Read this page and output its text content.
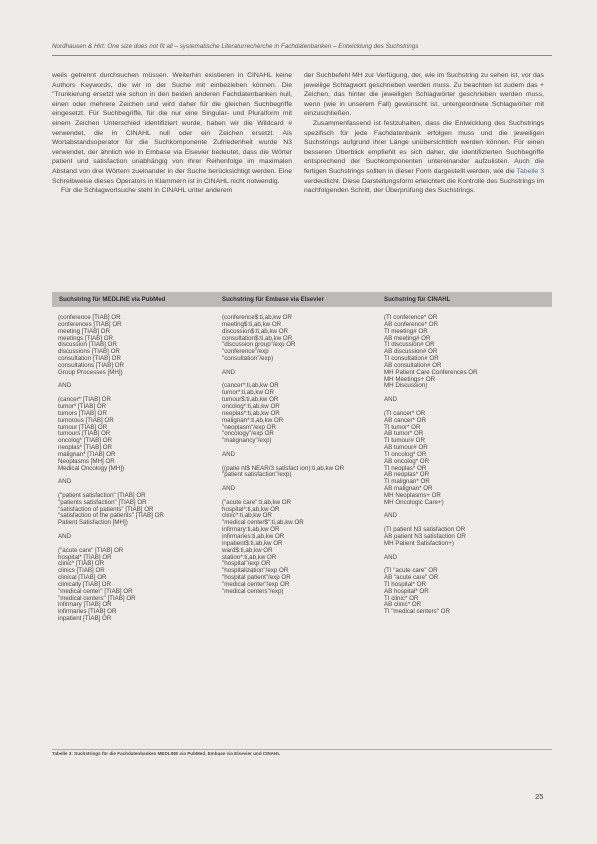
Nordhausen & Hirt: One size does not fit all – systematische Literaturrecherche in Fachdatenbanken – Entwicklung des Suchstrings

weils getrennt durchsuchen müssen. Weiterhin existieren in CINAHL keine Authors Keywords, die wir in der Suche mit einbeziehen können. Die "Trunkierung ersetzt wie schon in den beiden anderen Fachdatenbanken null, einen oder mehrere Zeichen und wird daher für die gleichen Suchbegriffe eingesetzt. Für Suchbegriffe, für die nur eine Singular- und Pluralform mit einem Zeichen Unterschied identifiziert wurde, haben wir die Wildcard # verwendet, die in CINAHL null oder ein Zeichen ersetzt. Als Wortabstandsoperator für die Suchkomponente Zufriedenheit wurde N3 verwendet, der ähnlich wie in Embase via Elsevier bedeutet, dass die Wörter patient und satisfaction unabhängig von ihrer Reihenfolge im maximalen Abstand von drei Wörtern zueinander in der Suche berücksichtigt werden. Eine Schreibweise dieses Operators in Klammern ist in CINAHL nicht notwendig.

Für die Schlagwortsuche steht in CINAHL unter anderem

der Suchbefehl MH zur Verfügung, der, wie im Suchstring zu sehen ist, vor das jeweilige Schlagwort geschrieben werden muss. Zu beachten ist zudem das + Zeichen, das hinter die jeweiligen Schlagwörter geschrieben werden muss, wenn (wie in unserem Fall) gewünscht ist, untergeordnete Schlagwörter mit einzuschließen.

Zusammenfassend ist festzuhalten, dass die Entwicklung des Suchstrings spezifisch für jede Fachdatenbank erfolgen muss und die jeweiligen Suchstrings aufgrund ihrer Länge unübersichtlich werden können. Für einen besseren Überblick empfiehlt es sich daher, die identifizierten Suchbegriffe entsprechend der Suchkomponenten untereinander aufzulisten. Auch die fertigen Suchstrings sollten in dieser Form dargestellt werden, wie die Tabelle 3 verdeutlicht. Diese Darstellungsform erleichtert die Kontrolle des Suchstrings im nachfolgenden Schritt, der Überprüfung des Suchstrings.

Suchstring für MEDLINE via PubMed	Suchstring für Embase via Elsevier	Suchstring für CINAHL
(conference [TIAB] OR
conferences [TIAB] OR
meeting [TIAB] OR
meetings [TIAB] OR
discussion [TIAB] OR
discussions [TIAB] OR
consultation [TIAB] OR
consultations [TIAB] OR
Group Processes [MH])

AND

(cancer* [TIAB] OR
tumor* [TIAB] OR
tumors [TIAB] OR
tumorous [TIAB] OR
tumour [TIAB] OR
tumours [TIAB] OR
oncolog* [TIAB] OR
neoplas* [TIAB] OR
malignan* [TIAB] OR
Neoplasms [MH] OR
Medical Oncology [MH])

AND

("patient satisfaction" [TIAB] OR
"patients satisfaction" [TIAB] OR
"satisfaction of patients" [TIAB] OR
"satisfaction of the patients" [TIAB] OR
Patient Satisfaction [MH])

AND

("acute care" [TIAB] OR
hospital* [TIAB] OR
clinic* [TIAB] OR
clinics [TIAB] OR
clinical [TIAB] OR
clinically [TIAB] OR
"medical center" [TIAB] OR
"medical centers" [TIAB] OR
infirmary [TIAB] OR
infirmaries [TIAB] OR
inpatient [TIAB] OR
(conference$:ti,ab,kw OR
meeting$:ti,ab,kw OR
discussion$:ti,ab,kw OR
consultation$:ti,ab,kw OR
"discussion group"/exp OR
"conference"/exp
"consultation"/exp)

AND

(cancer*:ti,ab,kw OR
tumor*:ti,ab,kw OR
tumour$:ti,ab,kw OR
oncolog*:ti,ab,kw OR
neoplas*:ti,ab,kw OR
malignan*:ti,ab,kw OR
"neoplasm"/exp OR
"oncology"/exp OR
"malignancy"/exp)

AND

((patie nt$ NEAR/3 satisfact ion):ti,ab,kw OR
"patient satisfaction"/exp)

AND

("acute care":ti,ab,kw OR
hospital*:ti,ab,kw OR
clinic*:ti,ab,kw OR
"medical center$":ti,ab,kw OR
infirmary:ti,ab,kw OR
infirmaries:ti,ab,kw OR
inpatient$:ti,ab,kw OR
ward$:ti,ab,kw OR
station*:ti,ab,kw OR
"hospital"/exp OR
"hospitalization"/exp OR
"hospital patient"/exp OR
"medical center"/exp OR
"medical centers"/exp)
(TI conference* OR
AB conference* OR
TI meeting# OR
AB meeting# OR
TI discussion# OR
AB discussion# OR
TI consultation# OR
AB consultation# OR
MH Patient Care Conferences OR
MH Meetings+ OR
MH Discussion)

AND

(TI cancer* OR
AB cancer* OR
TI tumor* OR
AB tumor* OR
TI tumour# OR
AB tumour# OR
TI oncolog* OR
AB oncolog* OR
TI neoplas* OR
AB neoplas* OR
TI malignan* OR
AB malignan* OR
MH Neoplasms+ OR
MH Oncologic Care+)

AND

(TI patient N3 satisfaction OR
AB patient N3 satisfaction OR
MH Patient Satisfaction+)

AND

(TI "acute care" OR
AB "acute care" OR
TI hospital* OR
AB hospital* OR
TI clinic* OR
AB clinic* OR
TI "medical centers" OR
Tabelle 3: Suchstrings für die Fachdatenbanken MEDLINE via PubMed, Embase via Elsevier und CINAHL
25
